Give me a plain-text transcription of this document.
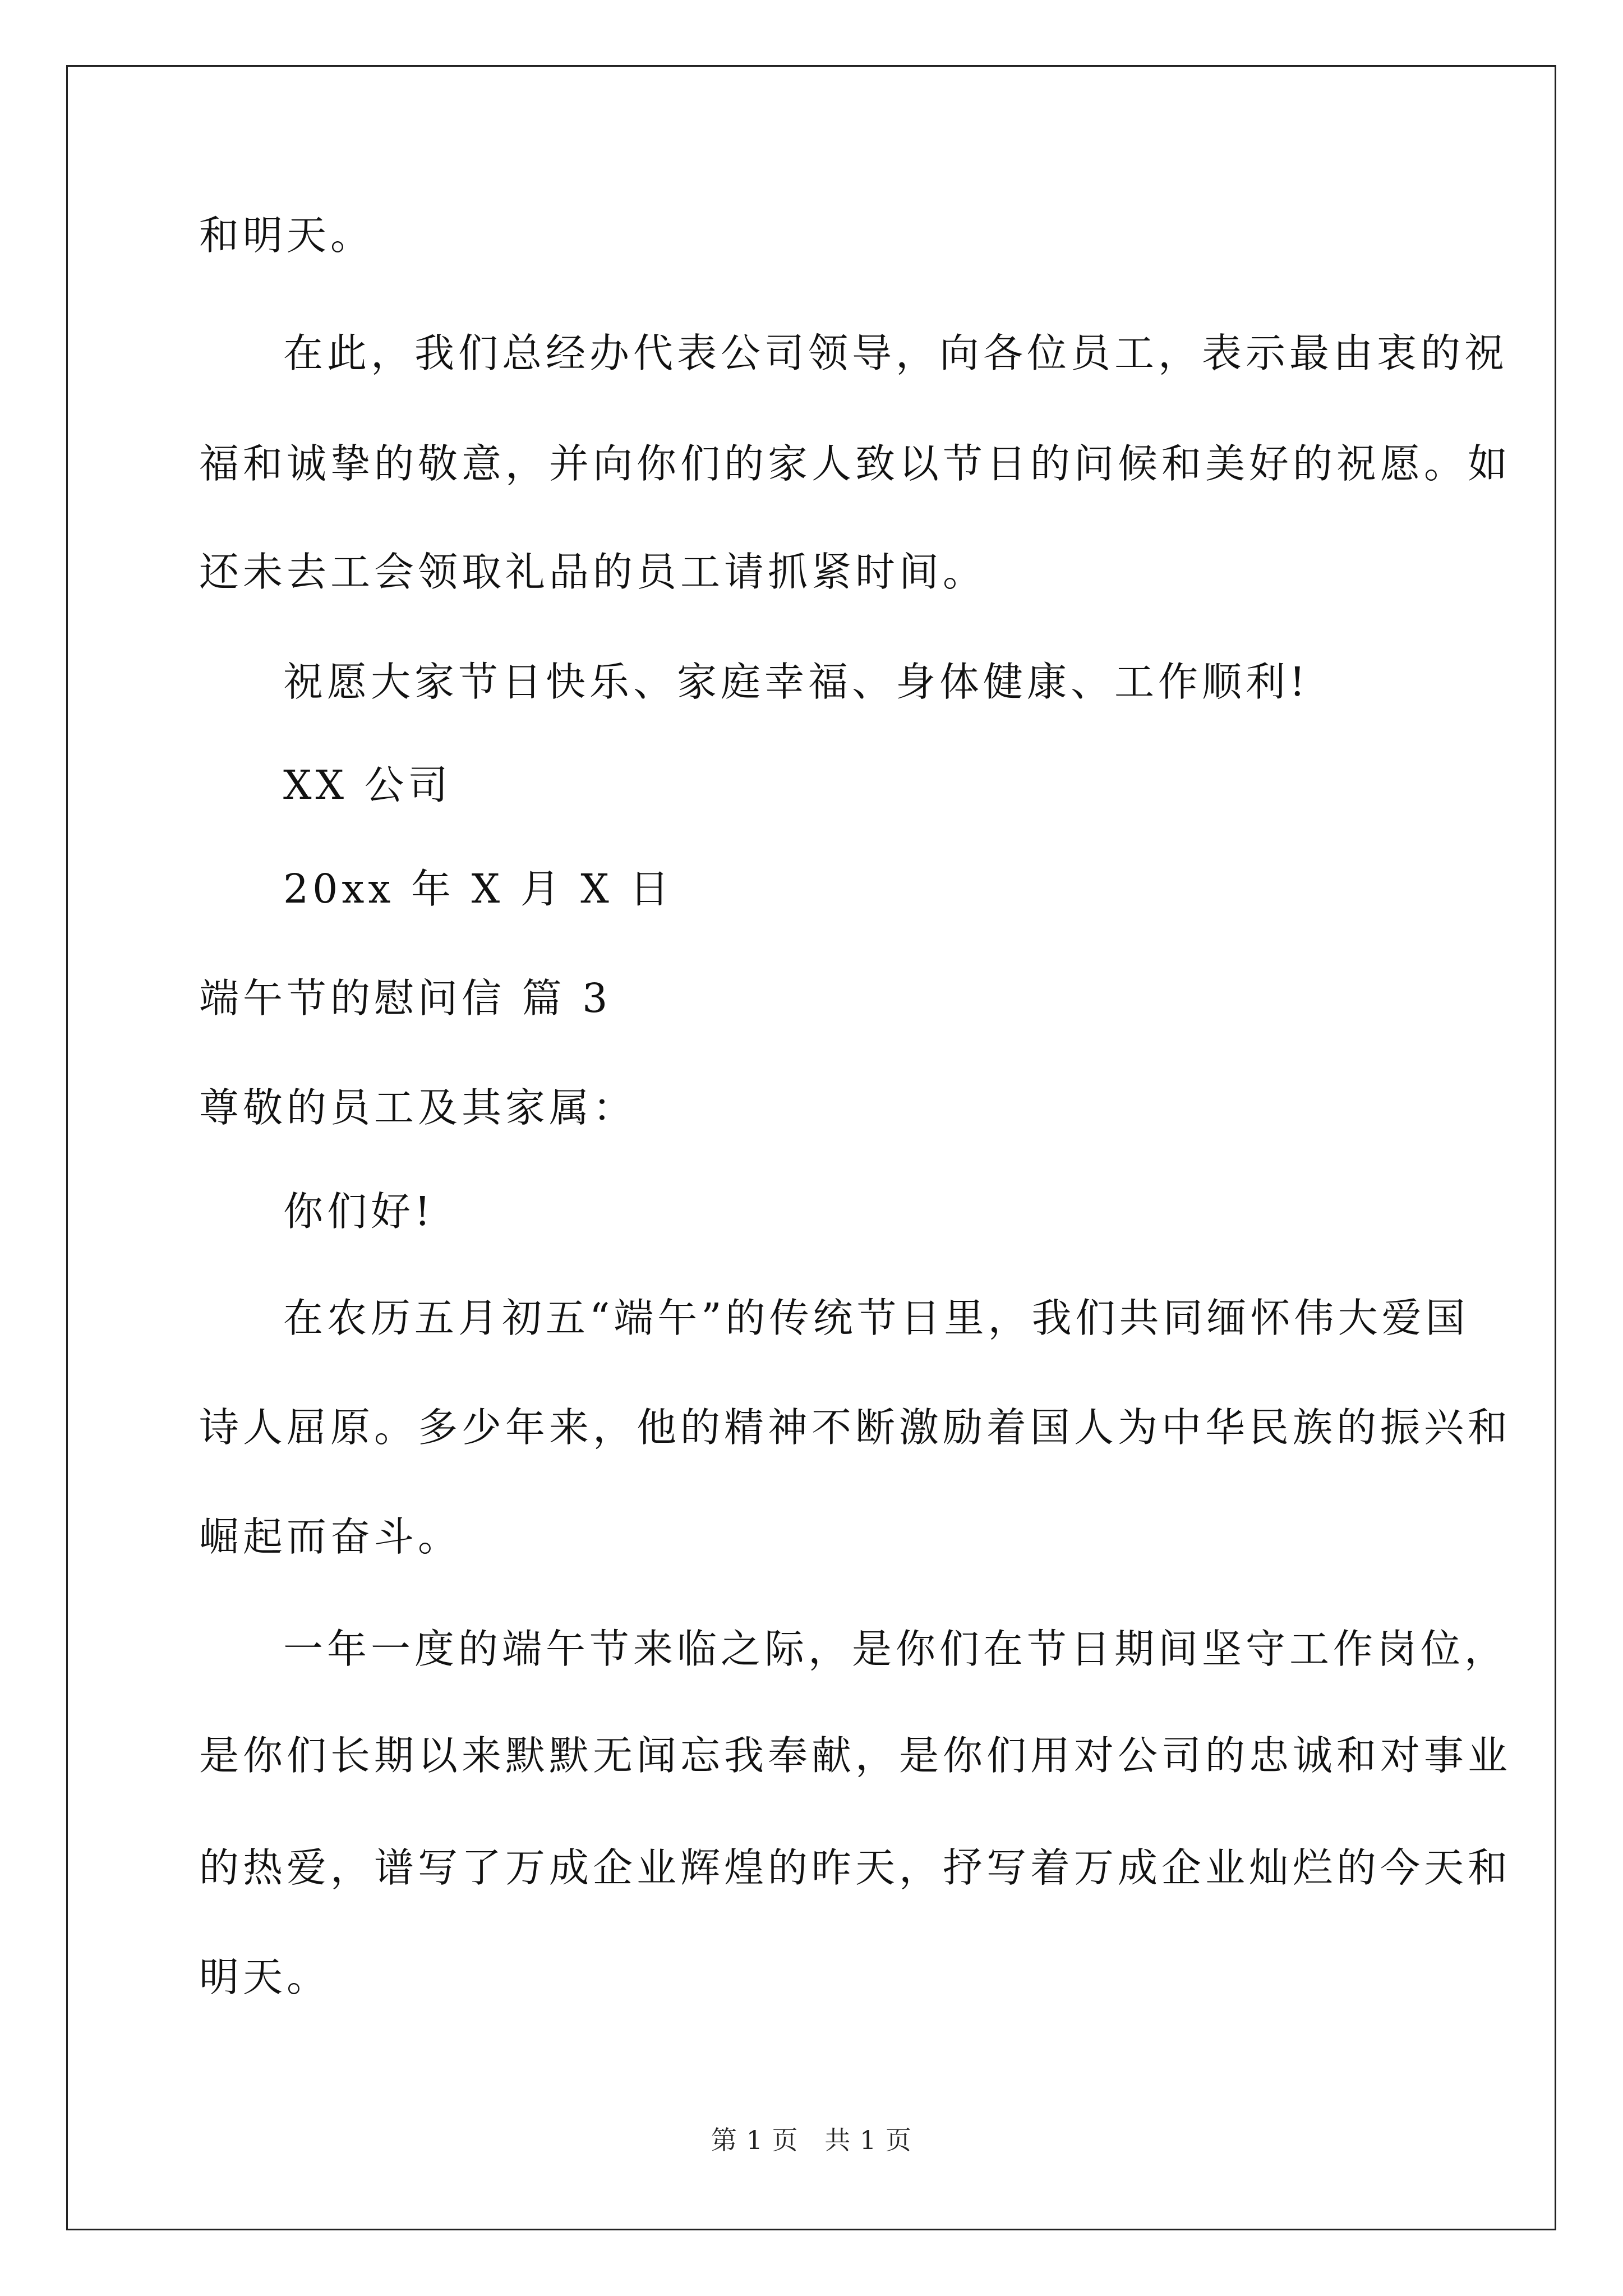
和明天。
在此，我们总经办代表公司领导，向各位员工，表示最由衷的祝
福和诚挚的敬意，并向你们的家人致以节日的问候和美好的祝愿。如
还未去工会领取礼品的员工请抓紧时间。
祝愿大家节日快乐、家庭幸福、身体健康、工作顺利!
XX 公司
20xx 年 X 月 X 日
端午节的慰问信 篇 3
尊敬的员工及其家属：
你们好!
在农历五月初五“端午”的传统节日里，我们共同缅怀伟大爱国
诗人屈原。多少年来，他的精神不断激励着国人为中华民族的振兴和
崛起而奋斗。
一年一度的端午节来临之际，是你们在节日期间坚守工作岗位，
是你们长期以来默默无闻忘我奉献，是你们用对公司的忠诚和对事业
的热爱，谱写了万成企业辉煌的昨天，抒写着万成企业灿烂的今天和
明天。
第 1 页   共 1 页
